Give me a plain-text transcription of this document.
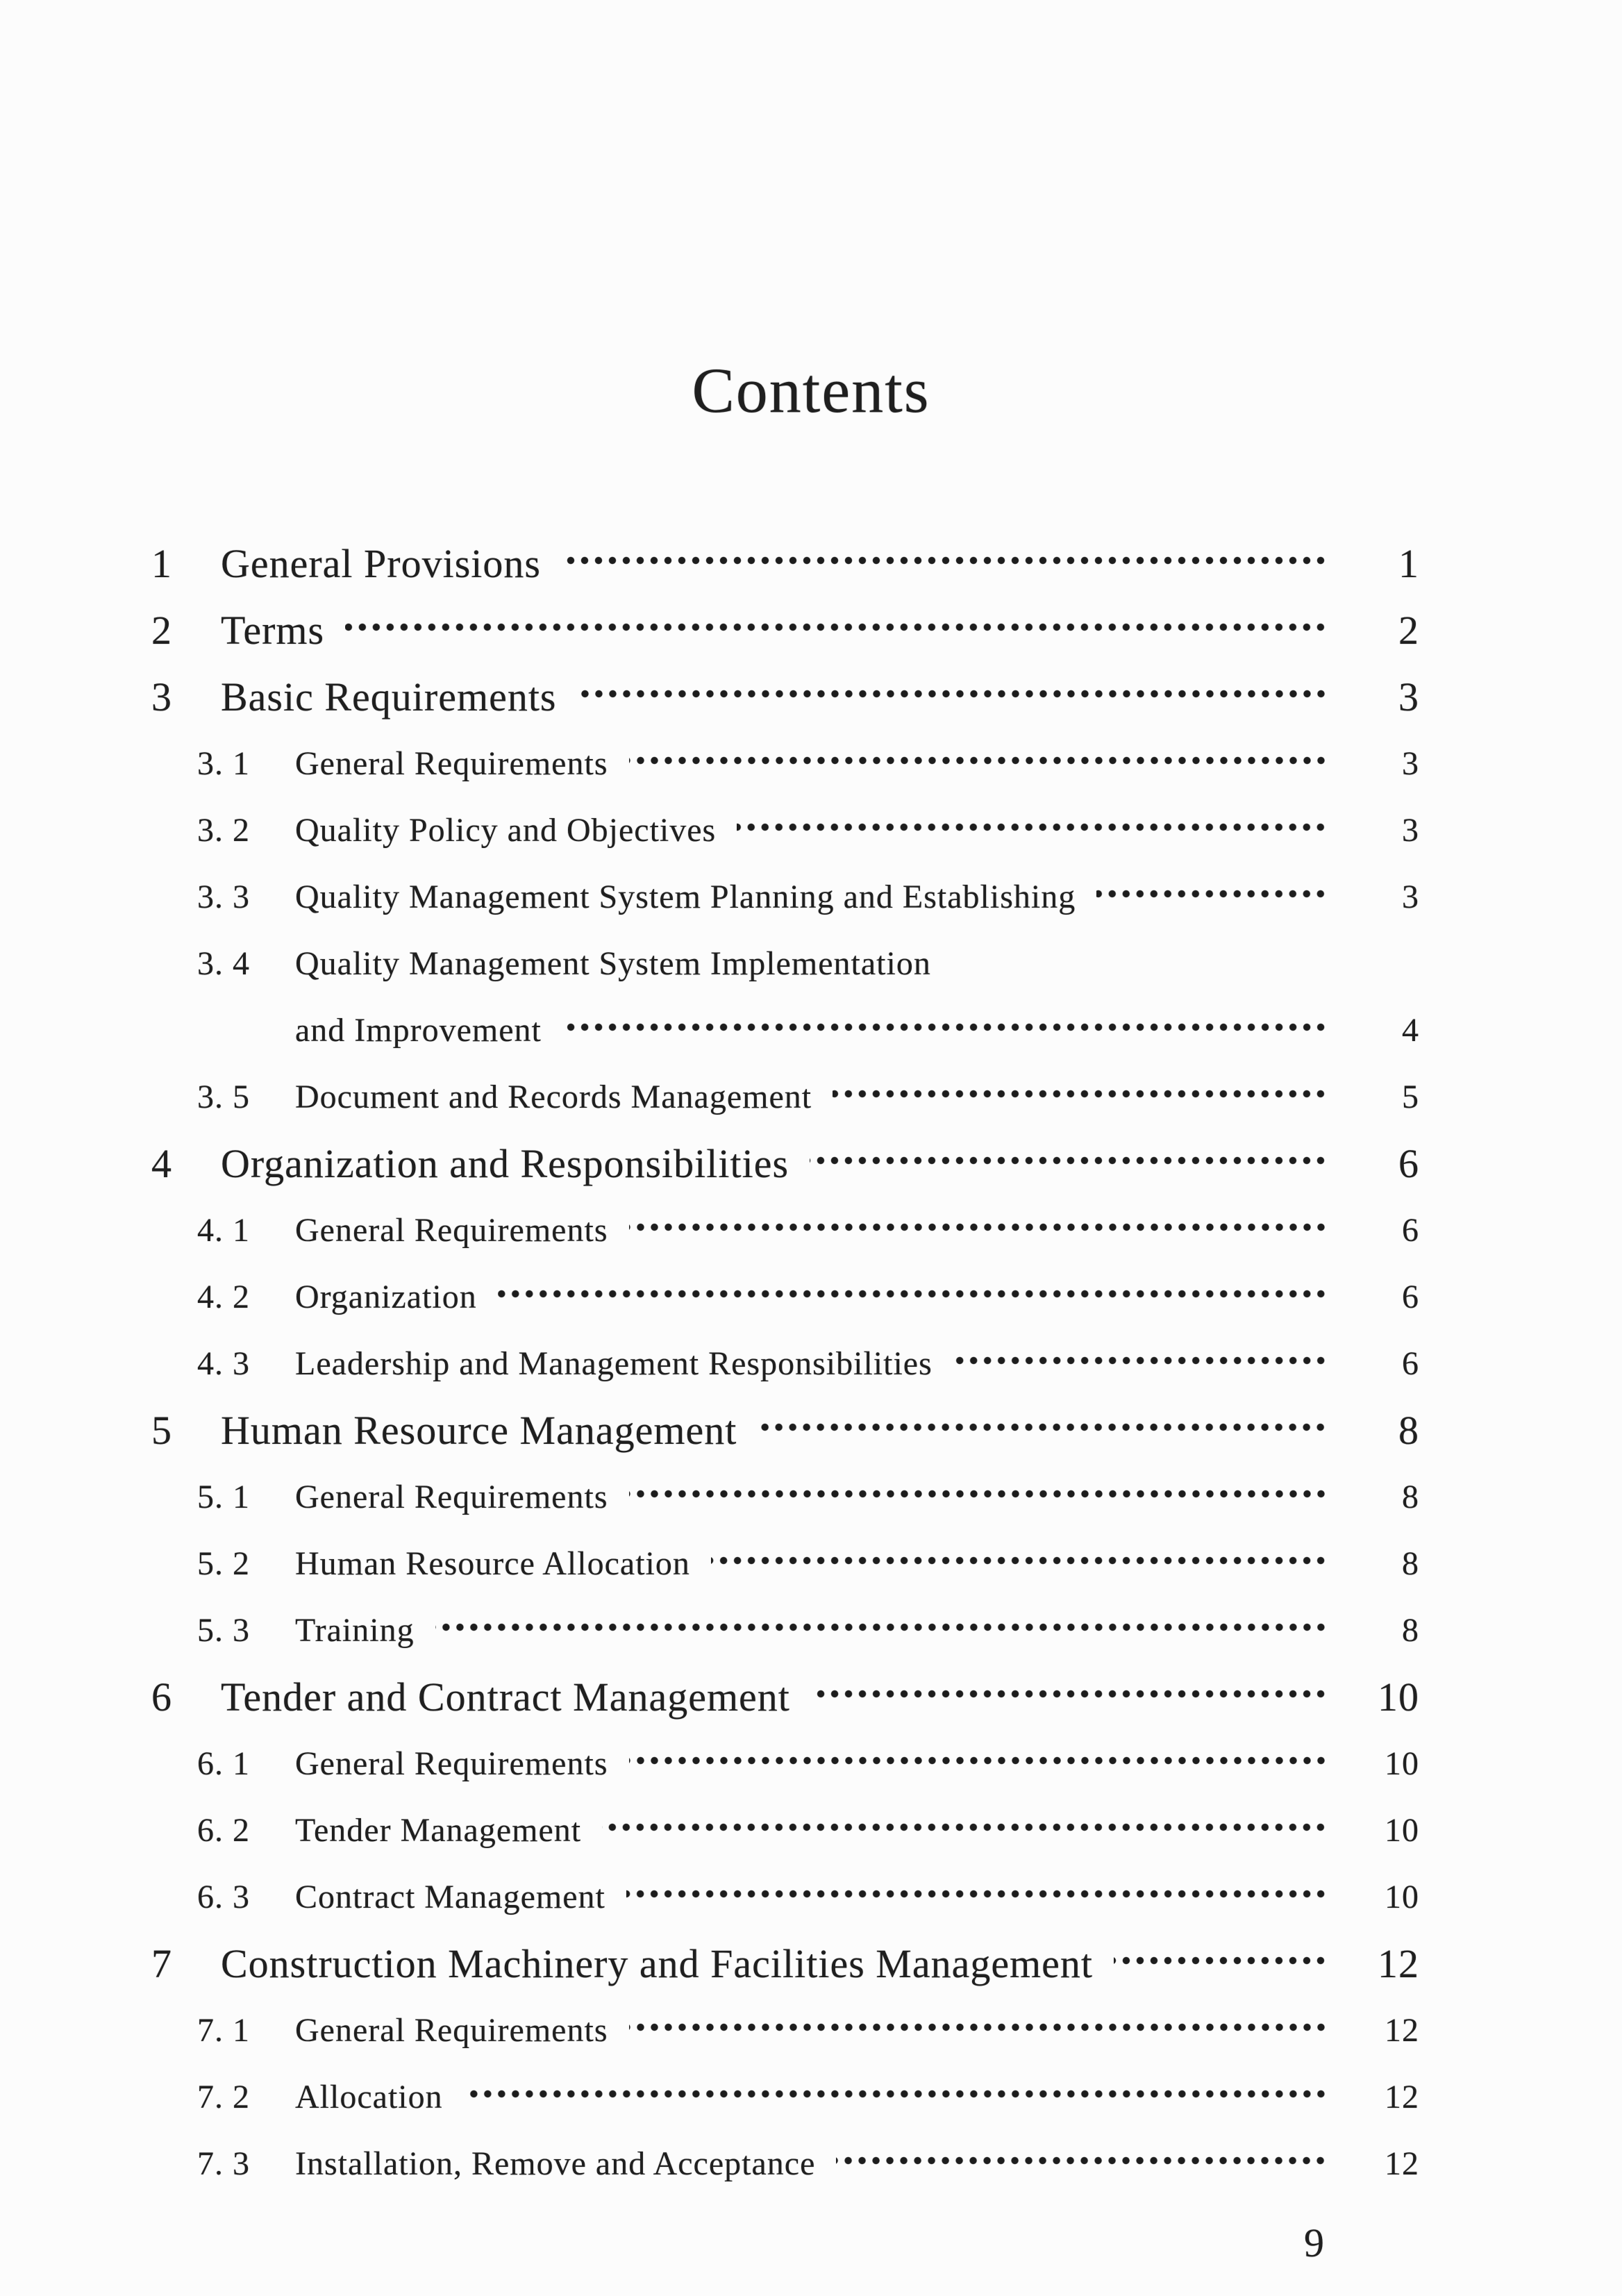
Contents
1	General Provisions	1
2	Terms	2
3	Basic Requirements	3
3. 1	General Requirements	3
3. 2	Quality Policy and Objectives	3
3. 3	Quality Management System Planning and Establishing	3
3. 4	Quality Management System Implementation
and Improvement	4
3. 5	Document and Records Management	5
4	Organization and Responsibilities	6
4. 1	General Requirements	6
4. 2	Organization	6
4. 3	Leadership and Management Responsibilities	6
5	Human Resource Management	8
5. 1	General Requirements	8
5. 2	Human Resource Allocation	8
5. 3	Training	8
6	Tender and Contract Management	10
6. 1	General Requirements	10
6. 2	Tender Management	10
6. 3	Contract Management	10
7	Construction Machinery and Facilities Management	12
7. 1	General Requirements	12
7. 2	Allocation	12
7. 3	Installation, Remove and Acceptance	12
9
